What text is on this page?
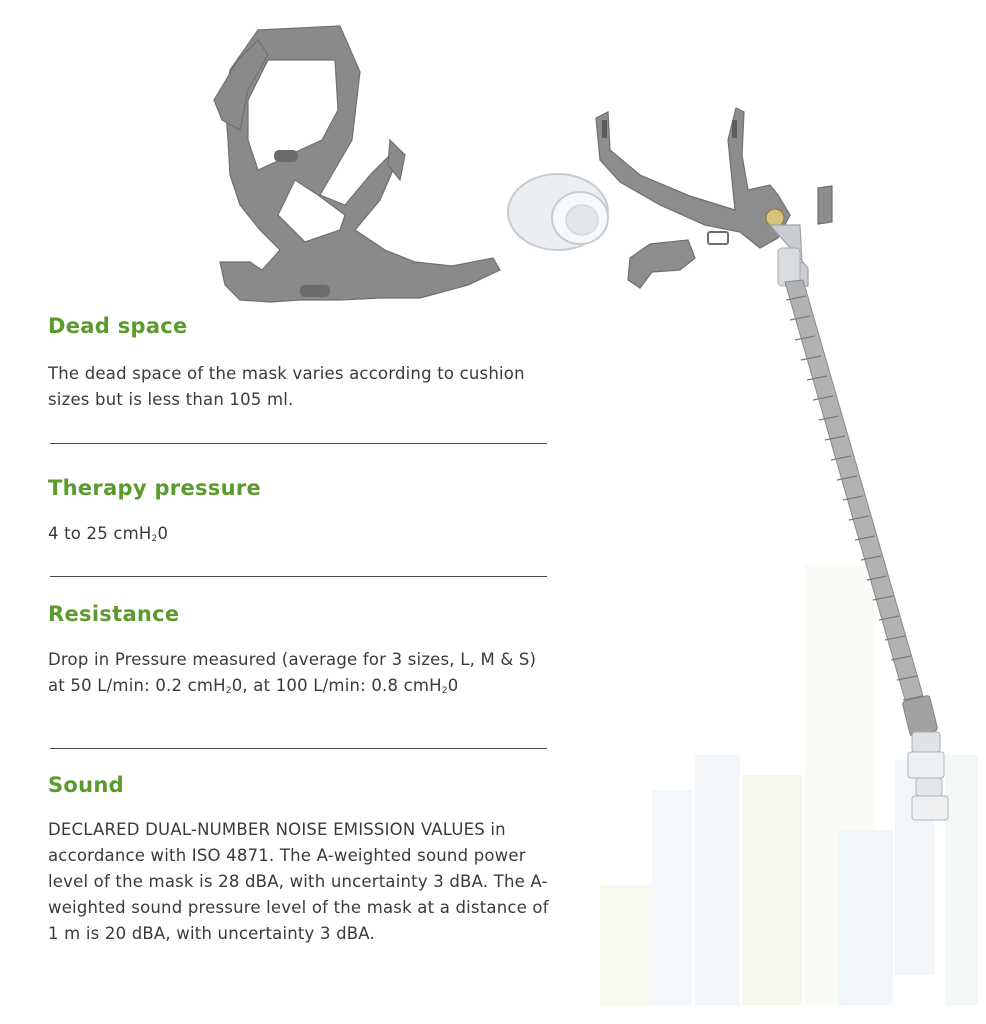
Dead space

The dead space of the mask varies according to cushion sizes but is less than 105 ml.

Therapy pressure

4 to 25 cmH$_2$0

Resistance

Drop in Pressure measured (average for 3 sizes, L, M & S) at 50 L/min: 0.2 cmH$_2$0, at 100 L/min: 0.8 cmH$_2$0

Sound

DECLARED DUAL-NUMBER NOISE EMISSION VALUES in accordance with ISO 4871. The A-weighted sound power level of the mask is 28 dBA, with uncertainty 3 dBA. The A-weighted sound pressure level of the mask at a distance of 1 m is 20 dBA, with uncertainty 3 dBA.
